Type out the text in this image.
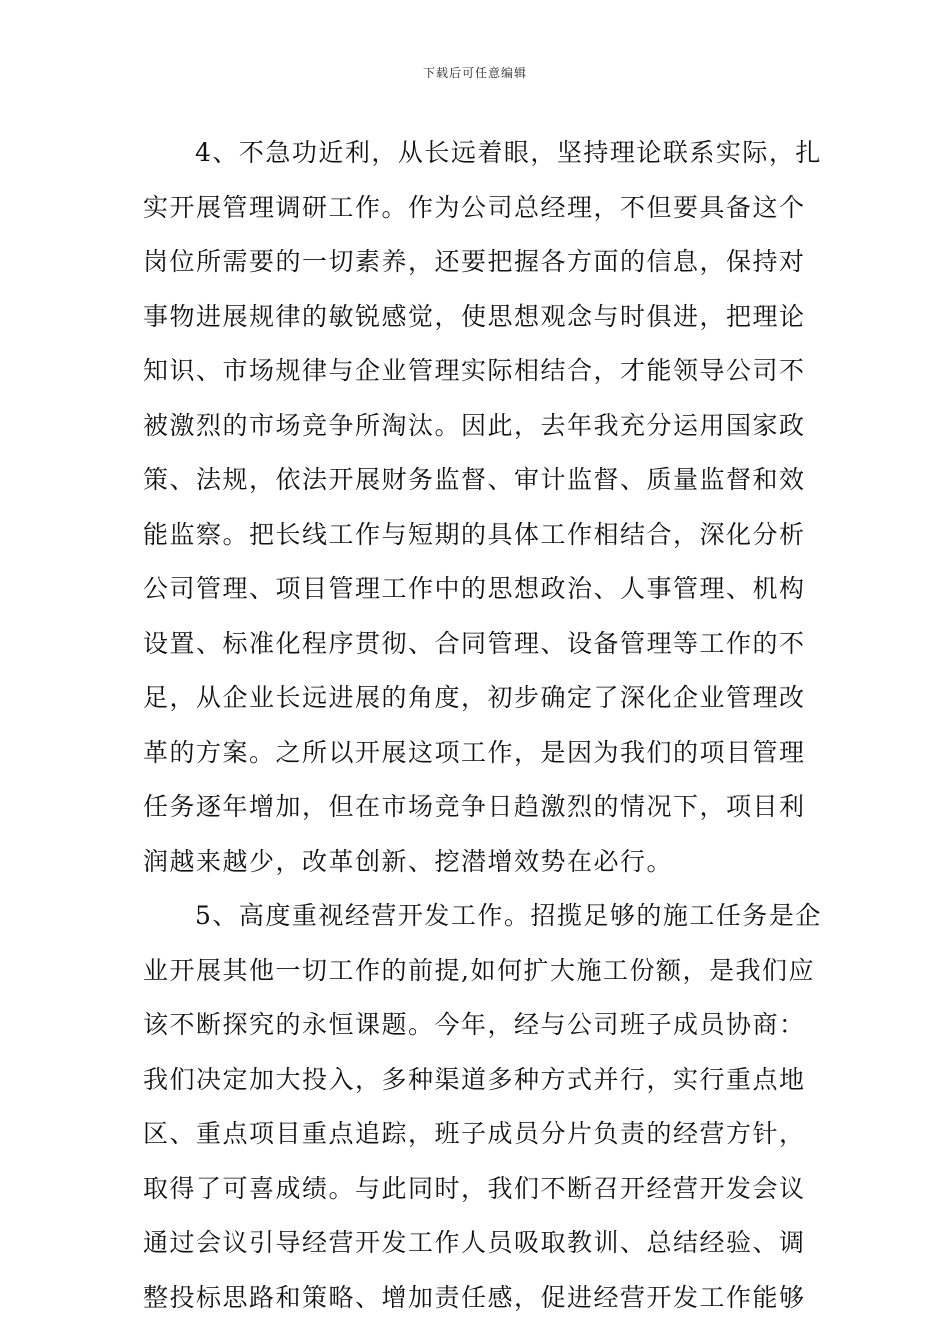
下载后可任意编辑
4、不急功近利，从长远着眼，坚持理论联系实际，扎
实开展管理调研工作。作为公司总经理，不但要具备这个
岗位所需要的一切素养，还要把握各方面的信息，保持对
事物进展规律的敏锐感觉，使思想观念与时俱进，把理论
知识、市场规律与企业管理实际相结合，才能领导公司不
被激烈的市场竞争所淘汰。因此，去年我充分运用国家政
策、法规，依法开展财务监督、审计监督、质量监督和效
能监察。把长线工作与短期的具体工作相结合，深化分析
公司管理、项目管理工作中的思想政治、人事管理、机构
设置、标准化程序贯彻、合同管理、设备管理等工作的不
足，从企业长远进展的角度，初步确定了深化企业管理改
革的方案。之所以开展这项工作，是因为我们的项目管理
任务逐年增加，但在市场竞争日趋激烈的情况下，项目利
润越来越少，改革创新、挖潜增效势在必行。
5、高度重视经营开发工作。招揽足够的施工任务是企
业开展其他一切工作的前提,如何扩大施工份额，是我们应
该不断探究的永恒课题。今年，经与公司班子成员协商：
我们决定加大投入，多种渠道多种方式并行，实行重点地
区、重点项目重点追踪，班子成员分片负责的经营方针，
取得了可喜成绩。与此同时，我们不断召开经营开发会议
通过会议引导经营开发工作人员吸取教训、总结经验、调
整投标思路和策略、增加责任感，促进经营开发工作能够
